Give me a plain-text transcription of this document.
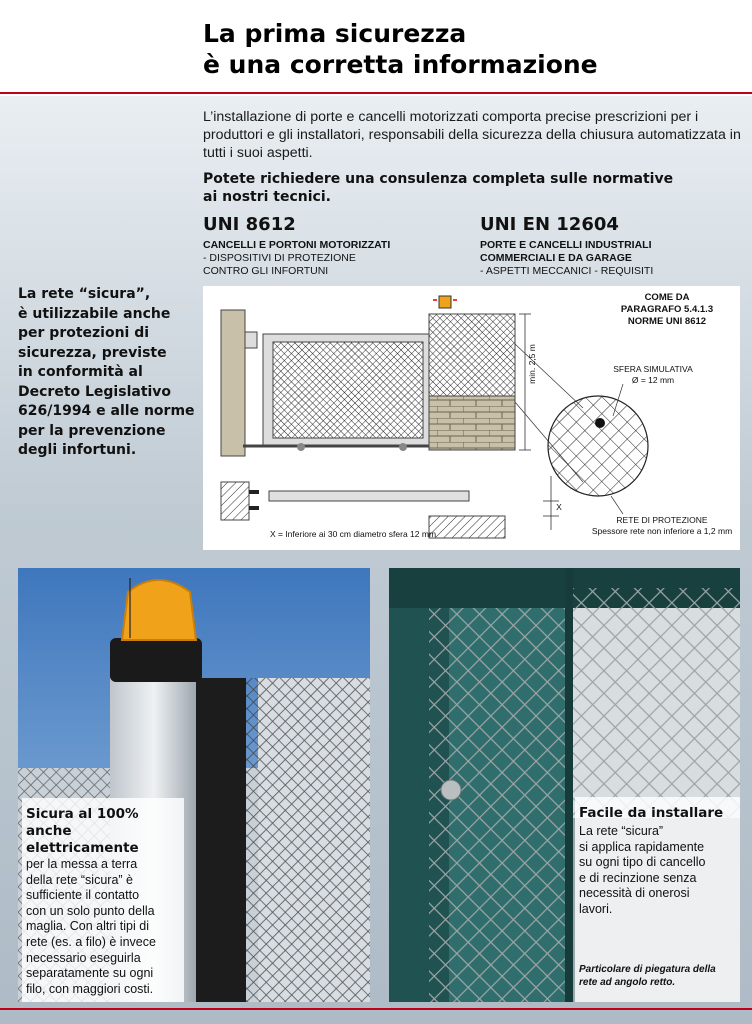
La prima sicurezza
è una corretta informazione

L’installazione di porte e cancelli motorizzati comporta precise prescrizioni per i produttori e gli installatori, responsabili della sicurezza della chiusura automatizzata in tutti i suoi aspetti.

Potete richiedere una consulenza completa sulle normative
ai nostri tecnici.

UNI 8612
CANCELLI E PORTONI MOTORIZZATI
- DISPOSITIVI DI PROTEZIONE
CONTRO GLI INFORTUNI
UNI EN 12604
PORTE E CANCELLI INDUSTRIALI
COMMERCIALI E DA GARAGE
- ASPETTI MECCANICI - REQUISITI

La rete “sicura”,
è utilizzabile anche
per protezioni di
sicurezza, previste
in conformità al
Decreto Legislativo
626/1994 e alle norme
per la prevenzione
degli infortuni.

COME DA
PARAGRAFO 5.4.1.3
NORME UNI 8612
min. 2,5 m	SFERA SIMULATIVA
Ø = 12 mm
RETE DI PROTEZIONE
Spessore rete non inferiore a 1,2 mm
X = Inferiore ai 30 cm diametro sfera 12 mm
X

Sicura al 100%
anche elettricamente

per la messa a terra
della rete “sicura” è
sufficiente il contatto
con un solo punto della
maglia. Con altri tipi di
rete (es. a filo) è invece
necessario eseguirla
separatamente su ogni
filo, con maggiori costi.

Facile da installare

La rete “sicura”
si applica rapidamente
su ogni tipo di cancello
e di recinzione senza
necessità di onerosi
lavori.

Particolare di piegatura della
rete ad angolo retto.
